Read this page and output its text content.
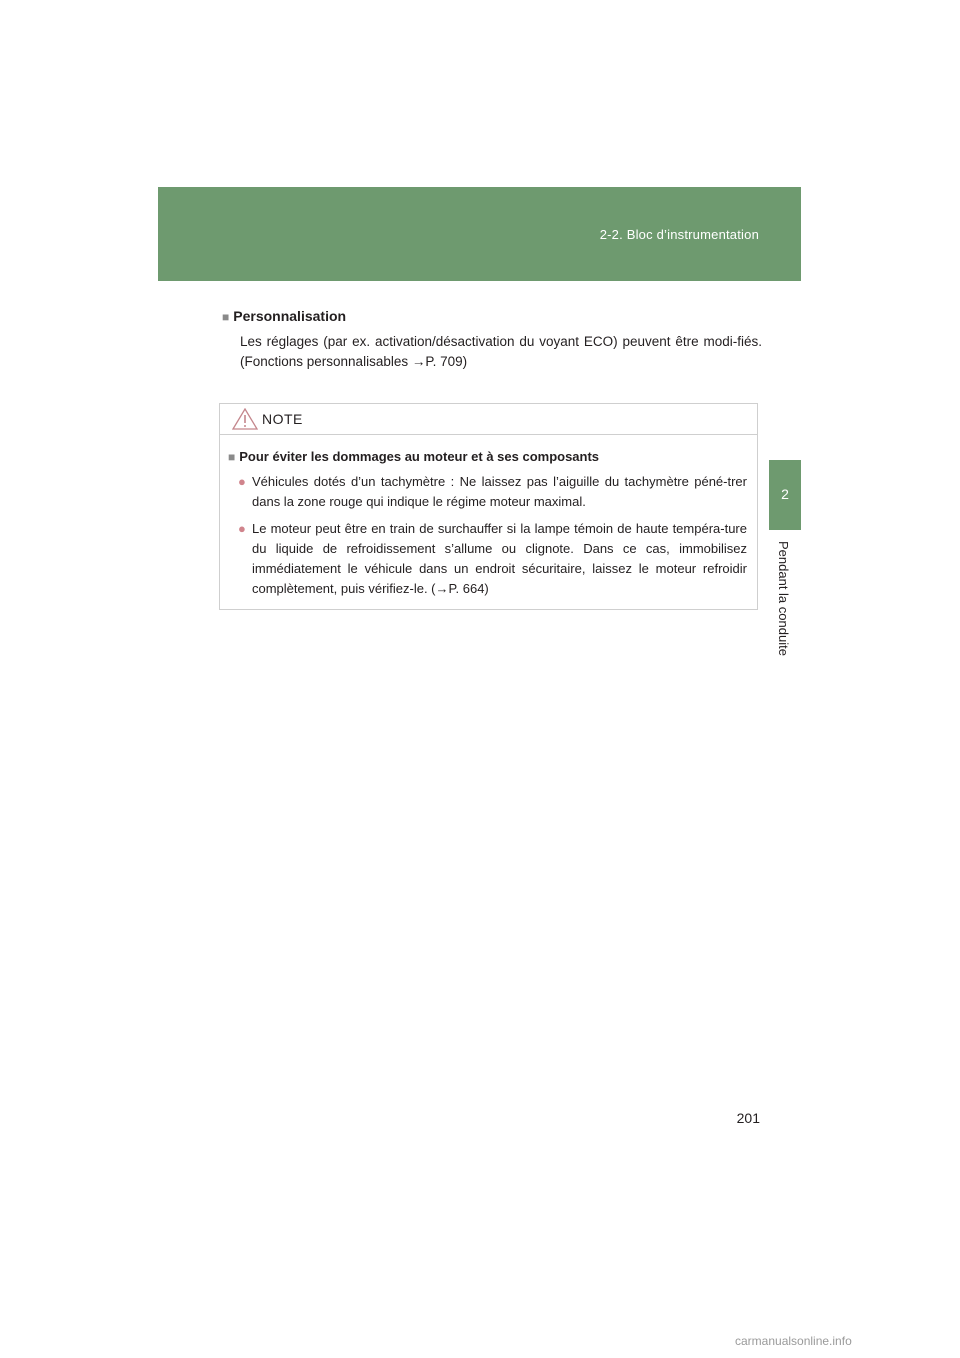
2-2. Bloc d’instrumentation
2
Pendant la conduite

■ Personnalisation

Les réglages (par ex. activation/désactivation du voyant ECO) peuvent être modi-fiés. (Fonctions personnalisables →P. 709)
NOTE

■ Pour éviter les dommages au moteur et à ses composants

● Véhicules dotés d’un tachymètre : Ne laissez pas l’aiguille du tachymètre péné-trer dans la zone rouge qui indique le régime moteur maximal.
● Le moteur peut être en train de surchauffer si la lampe témoin de haute tempéra-ture du liquide de refroidissement s’allume ou clignote. Dans ce cas, immobilisez immédiatement le véhicule dans un endroit sécuritaire, laissez le moteur refroidir complètement, puis vérifiez-le. (→P. 664)
201
carmanualsonline.info
